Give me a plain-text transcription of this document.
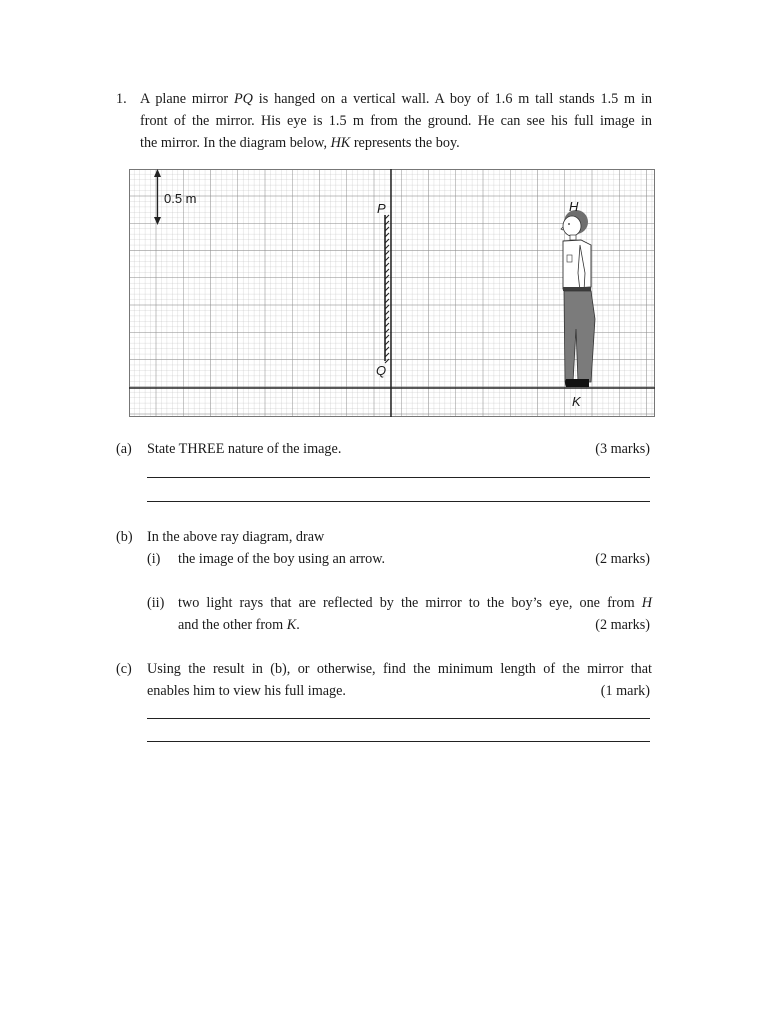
1. A plane mirror PQ is hanged on a vertical wall. A boy of 1.6 m tall stands 1.5 m in
front of the mirror. His eye is 1.5 m from the ground. He can see his full image in
the mirror. In the diagram below, HK represents the boy.
0.5 m
P
Q
H
K
(a) State THREE nature of the image.	(3 marks)
(b) In the above ray diagram, draw
(i) the image of the boy using an arrow.	(2 marks)
(ii) two light rays that are reflected by the mirror to the boy’s eye, one from H
and the other from K.	(2 marks)
(c) Using the result in (b), or otherwise, find the minimum length of the mirror that
enables him to view his full image.	(1 mark)
